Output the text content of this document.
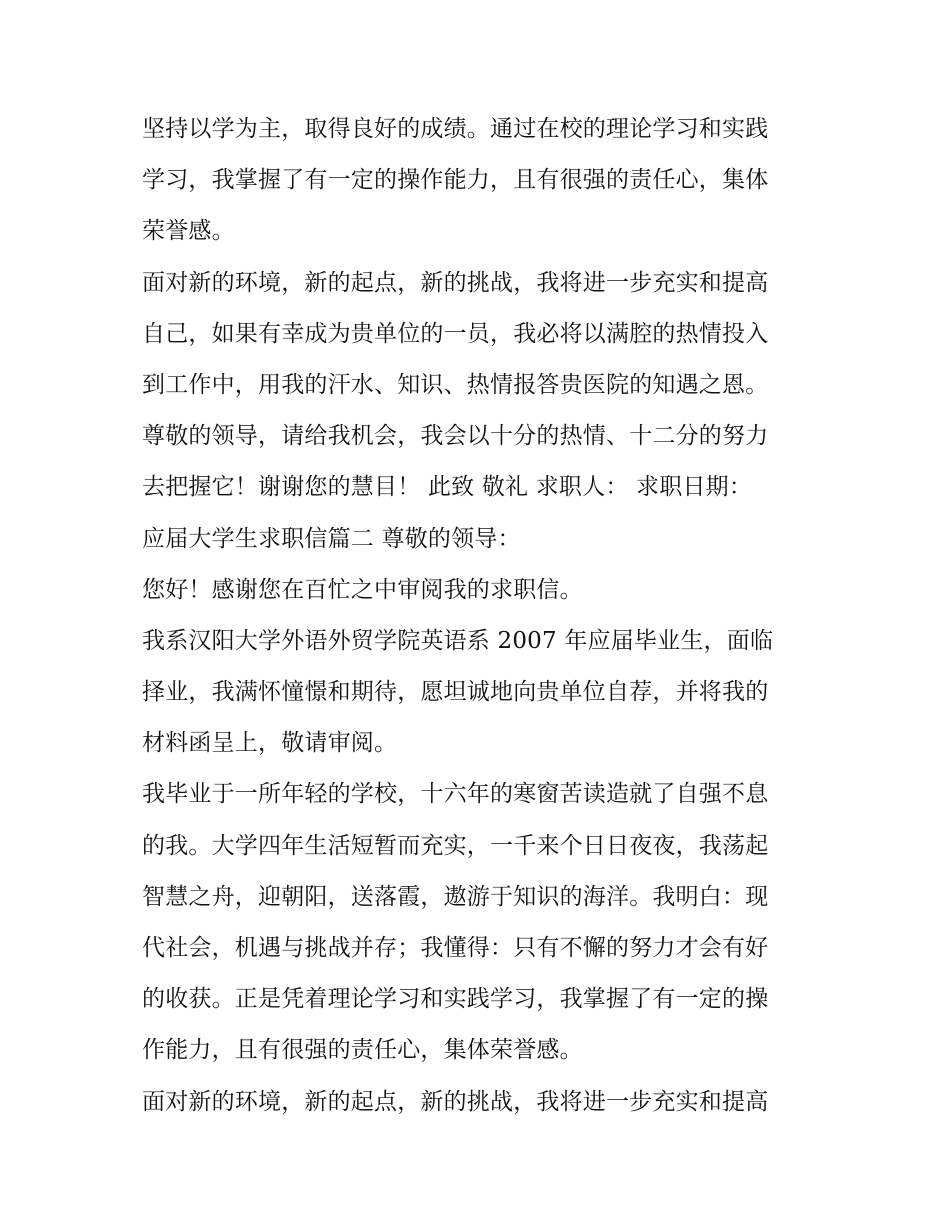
坚持以学为主，取得良好的成绩。通过在校的理论学习和实践
学习，我掌握了有一定的操作能力，且有很强的责任心，集体
荣誉感。
面对新的环境，新的起点，新的挑战，我将进一步充实和提高
自己，如果有幸成为贵单位的一员，我必将以满腔的热情投入
到工作中，用我的汗水、知识、热情报答贵医院的知遇之恩。
尊敬的领导，请给我机会，我会以十分的热情、十二分的努力
去把握它！谢谢您的慧目！ 此致 敬礼 求职人： 求职日期：
应届大学生求职信篇二 尊敬的领导：
您好！感谢您在百忙之中审阅我的求职信。
我系汉阳大学外语外贸学院英语系 2007 年应届毕业生，面临
择业，我满怀憧憬和期待，愿坦诚地向贵单位自荐，并将我的
材料函呈上，敬请审阅。
我毕业于一所年轻的学校，十六年的寒窗苦读造就了自强不息
的我。大学四年生活短暂而充实，一千来个日日夜夜，我荡起
智慧之舟，迎朝阳，送落霞，遨游于知识的海洋。我明白：现
代社会，机遇与挑战并存；我懂得：只有不懈的努力才会有好
的收获。正是凭着理论学习和实践学习，我掌握了有一定的操
作能力，且有很强的责任心，集体荣誉感。
面对新的环境，新的起点，新的挑战，我将进一步充实和提高
